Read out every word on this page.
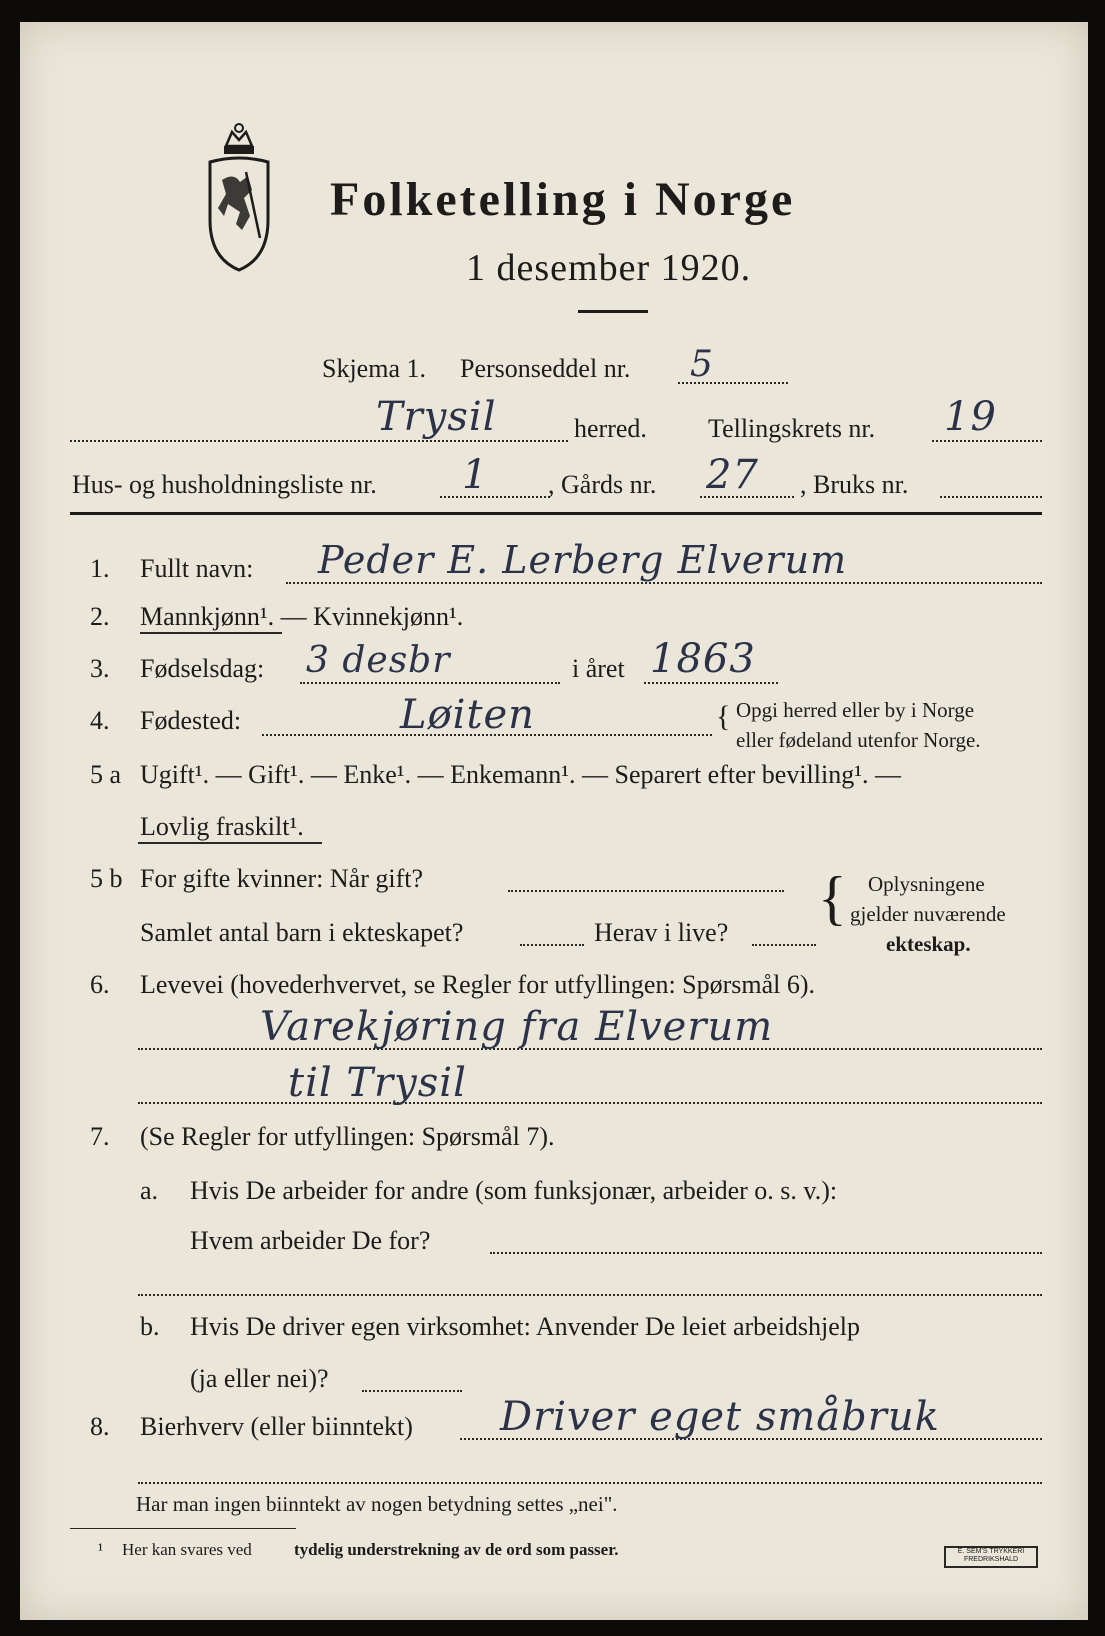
Folketelling i Norge
1 desember 1920.
Skjema 1. Personseddel nr. 5
Trysil	herred. Tellingskrets nr. 19
Hus- og husholdningsliste nr. 1 , Gårds nr. 27 , Bruks nr.
1. Fullt navn: Peder E. Lerberg Elverum
2. Mannkjønn¹. — Kvinnekjønn¹.
3. Fødselsdag: 3 desbr	i året 1863
4. Fødested:	Løiten	{ Opgi herred eller by i Norge
eller fødeland utenfor Norge.
5 a Ugift¹. — Gift¹. — Enke¹. — Enkemann¹. — Separert efter bevilling¹. —
Lovlig fraskilt¹.
5 b For gifte kvinner: Når gift?
Samlet antal barn i ekteskapet?	Herav i live?
{ Oplysningene
gjelder nuværende
ekteskap.
6. Levevei (hovederhvervet, se Regler for utfyllingen: Spørsmål 6).
Varekjøring fra Elverum
til Trysil
7. (Se Regler for utfyllingen: Spørsmål 7).
a. Hvis De arbeider for andre (som funksjonær, arbeider o. s. v.):
Hvem arbeider De for?
b. Hvis De driver egen virksomhet: Anvender De leiet arbeidshjelp
(ja eller nei)?
8. Bierhverv (eller biinntekt) Driver eget småbruk
Har man ingen biinntekt av nogen betydning settes „nei".
¹ Her kan svares ved tydelig understrekning av de ord som passer.	E. SEM'S TRYKKERI FREDRIKSHALD
